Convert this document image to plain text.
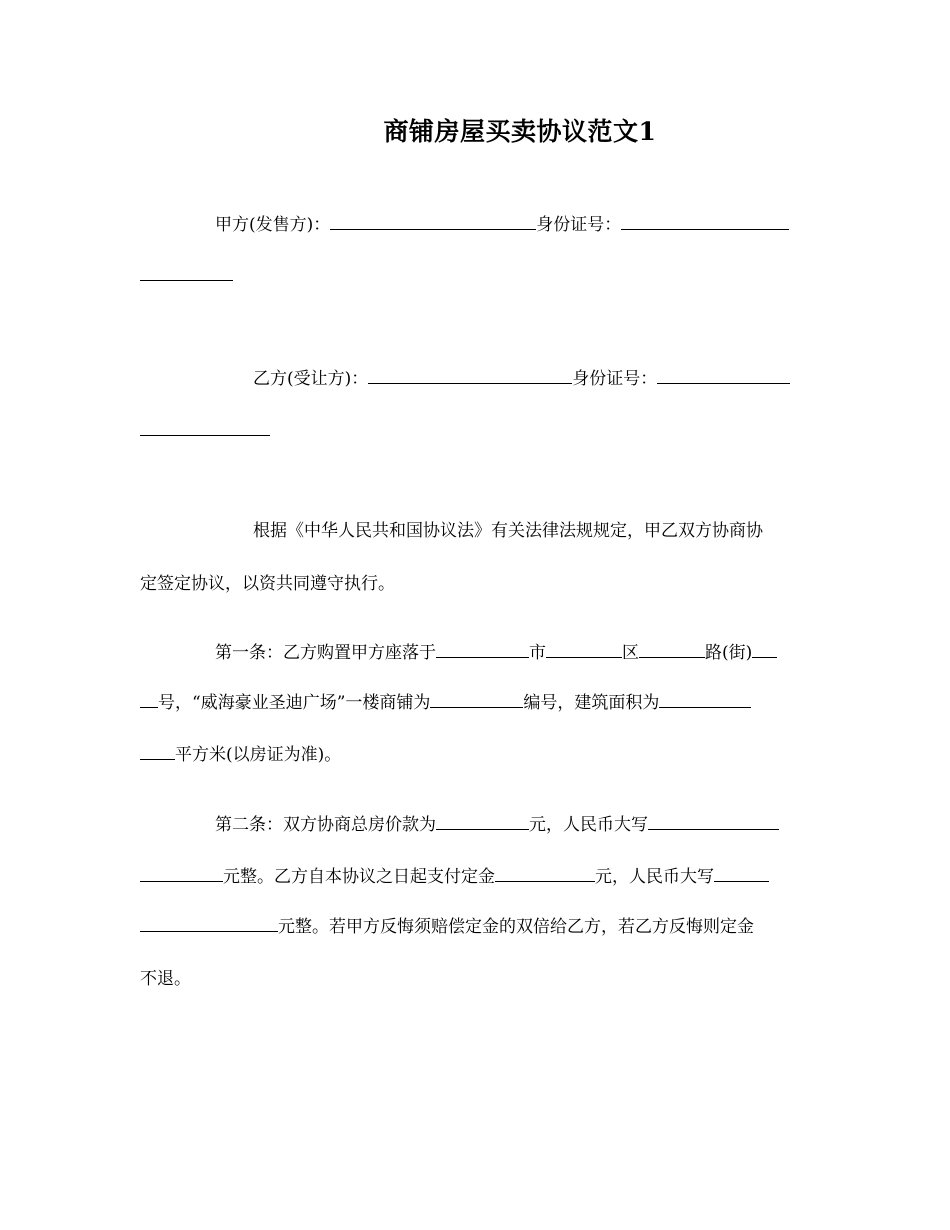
商铺房屋买卖协议范文1
甲方(发售方)：	身份证号：
乙方(受让方)：	身份证号：
根据《中华人民共和国协议法》有关法律法规规定，甲乙双方协商协
定签定协议，以资共同遵守执行。
第一条：乙方购置甲方座落于	市	区	路(街)
号，“威海豪业圣迪广场”一楼商铺为	编号，建筑面积为
平方米(以房证为准)。
第二条：双方协商总房价款为	元，人民币大写
元整。乙方自本协议之日起支付定金	元，人民币大写
元整。若甲方反悔须赔偿定金的双倍给乙方，若乙方反悔则定金
不退。
